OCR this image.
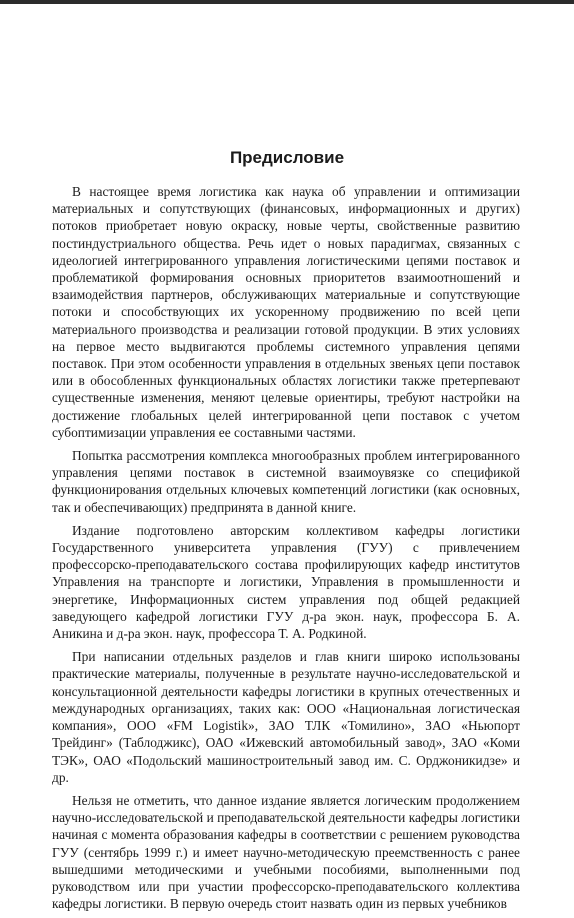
Предисловие

В настоящее время логистика как наука об управлении и оптимизации материальных и сопутствующих (финансовых, информационных и других) потоков приобретает новую окраску, новые черты, свойственные развитию постиндустриального общества. Речь идет о новых парадигмах, связанных с идеологией интегрированного управления логистическими цепями поставок и проблематикой формирования основных приоритетов взаимоотношений и взаимодействия партнеров, обслуживающих материальные и сопутствующие потоки и способствующих их ускоренному продвижению по всей цепи материального производства и реализации готовой продукции. В этих условиях на первое место выдвигаются проблемы системного управления цепями поставок. При этом особенности управления в отдельных звеньях цепи поставок или в обособленных функциональных областях логистики также претерпевают существенные изменения, меняют целевые ориентиры, требуют настройки на достижение глобальных целей интегрированной цепи поставок с учетом субоптимизации управления ее составными частями.

Попытка рассмотрения комплекса многообразных проблем интегрированного управления цепями поставок в системной взаимоувязке со спецификой функционирования отдельных ключевых компетенций логистики (как основных, так и обеспечивающих) предпринята в данной книге.

Издание подготовлено авторским коллективом кафедры логистики Государственного университета управления (ГУУ) с привлечением профессорско-преподавательского состава профилирующих кафедр институтов Управления на транспорте и логистики, Управления в промышленности и энергетике, Информационных систем управления под общей редакцией заведующего кафедрой логистики ГУУ д-ра экон. наук, профессора Б. А. Аникина и д-ра экон. наук, профессора Т. А. Родкиной.

При написании отдельных разделов и глав книги широко использованы практические материалы, полученные в результате научно-исследовательской и консультационной деятельности кафедры логистики в крупных отечественных и международных организациях, таких как: ООО «Национальная логистическая компания», ООО «FM Logistik», ЗАО ТЛК «Томилино», ЗАО «Ньюпорт Трейдинг» (Таблоджикс), ОАО «Ижевский автомобильный завод», ЗАО «Коми ТЭК», ОАО «Подольский машиностроительный завод им. С. Орджоникидзе» и др.

Нельзя не отметить, что данное издание является логическим продолжением научно-исследовательской и преподавательской деятельности кафедры логистики начиная с момента образования кафедры в соответствии с решением руководства ГУУ (сентябрь 1999 г.) и имеет научно-методическую преемственность с ранее вышедшими методическими и учебными пособиями, выполненными под руководством или при участии профессорско-преподавательского коллектива кафедры логистики. В первую очередь стоит назвать один из первых учебников
